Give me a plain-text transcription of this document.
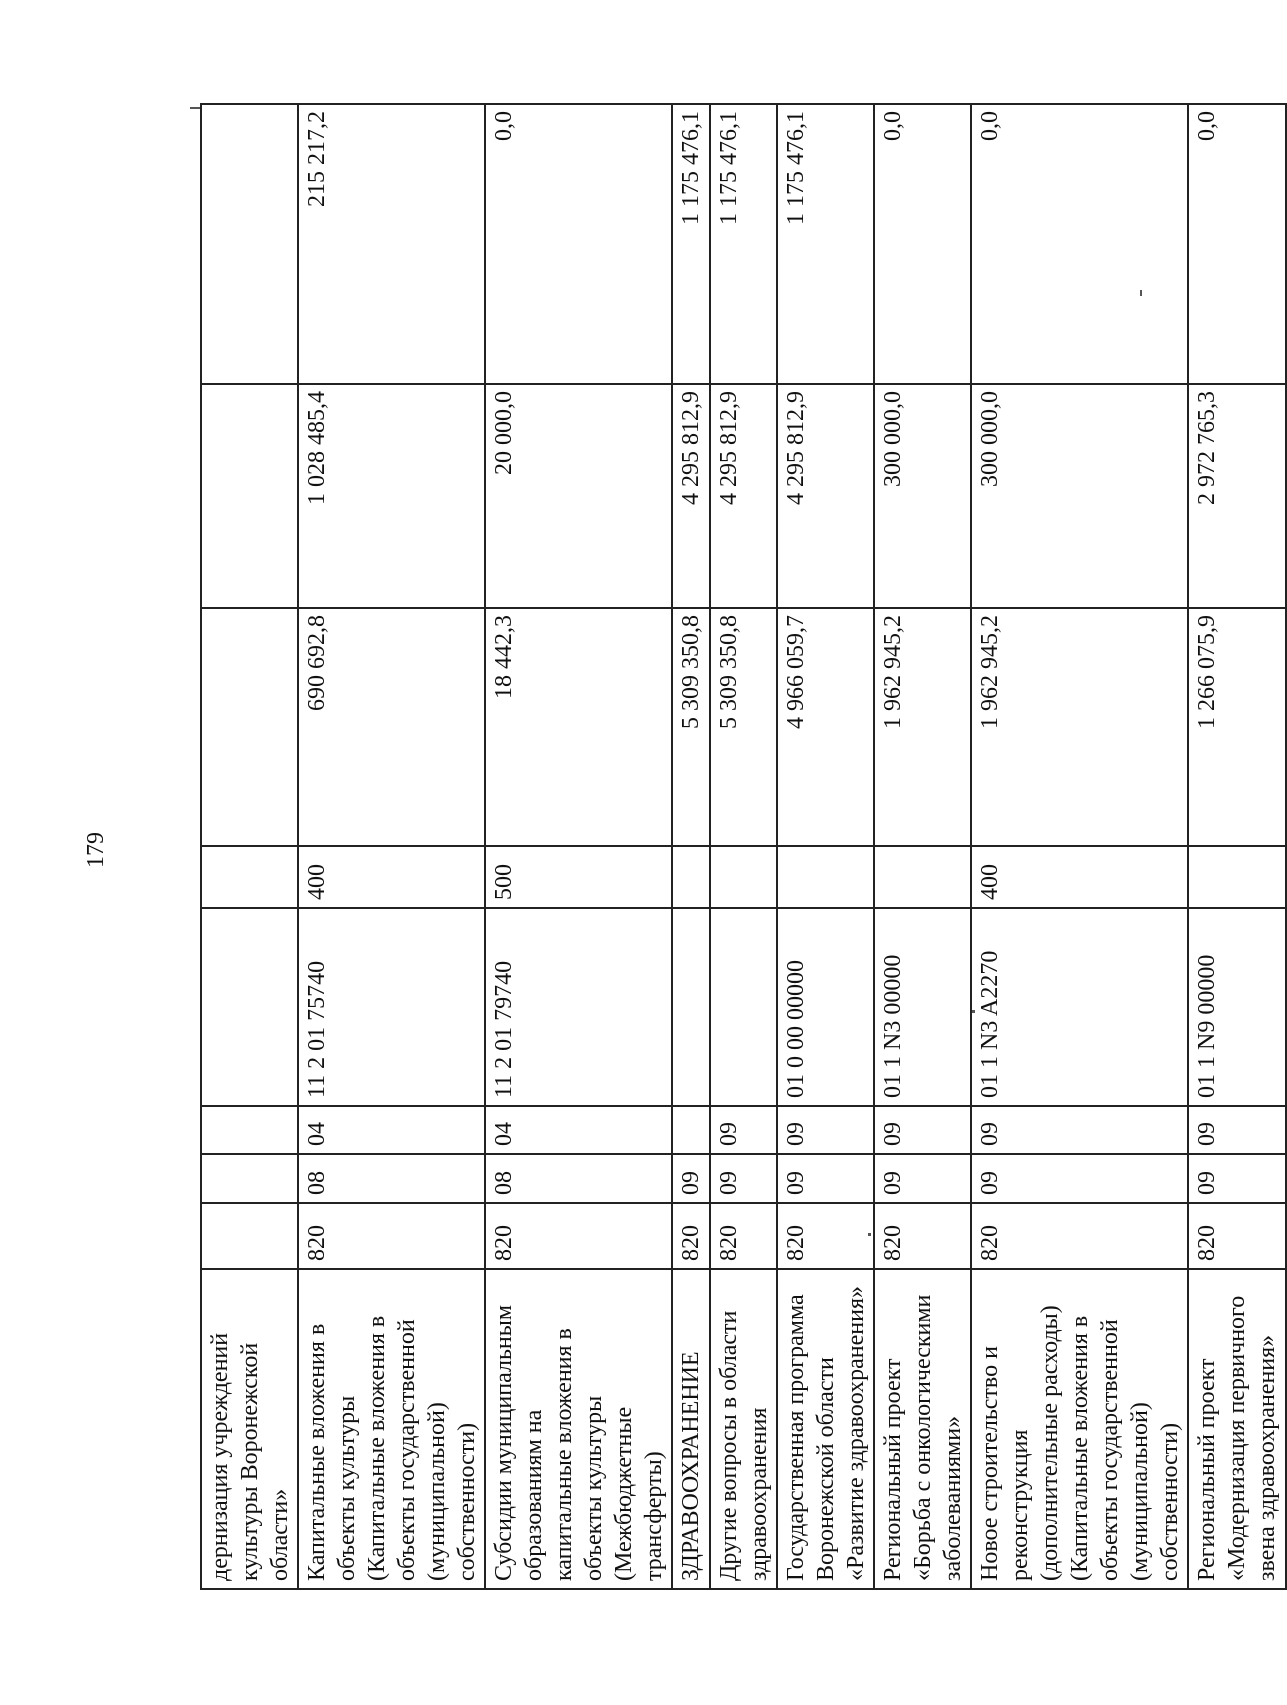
179
дернизация учреждений культуры Воронежской области»								
Капитальные вложения в объекты культуры (Капитальные вложения в объекты государственной (муниципальной) собственности)	820	08	04	11 2 01 75740	400	690 692,8	1 028 485,4	215 217,2
Субсидии муниципальным образованиям на капитальные вложения в объекты культуры (Межбюджетные трансферты)	820	08	04	11 2 01 79740	500	18 442,3	20 000,0	0,0
ЗДРАВООХРАНЕНИЕ	820	09				5 309 350,8	4 295 812,9	1 175 476,1
Другие вопросы в области здравоохранения	820	09	09			5 309 350,8	4 295 812,9	1 175 476,1
Государственная программа Воронежской области «Развитие здравоохранения»	820	09	09	01 0 00 00000		4 966 059,7	4 295 812,9	1 175 476,1
Региональный проект «Борьба с онкологическими заболеваниями»	820	09	09	01 1 N3 00000		1 962 945,2	300 000,0	0,0
Новое строительство и реконструкция (дополнительные расходы) (Капитальные вложения в объекты государственной (муниципальной) собственности)	820	09	09	01 1 N3 A2270	400	1 962 945,2	300 000,0	0,0
Региональный проект «Модернизация первичного звена здравоохранения»	820	09	09	01 1 N9 00000		1 266 075,9	2 972 765,3	0,0
